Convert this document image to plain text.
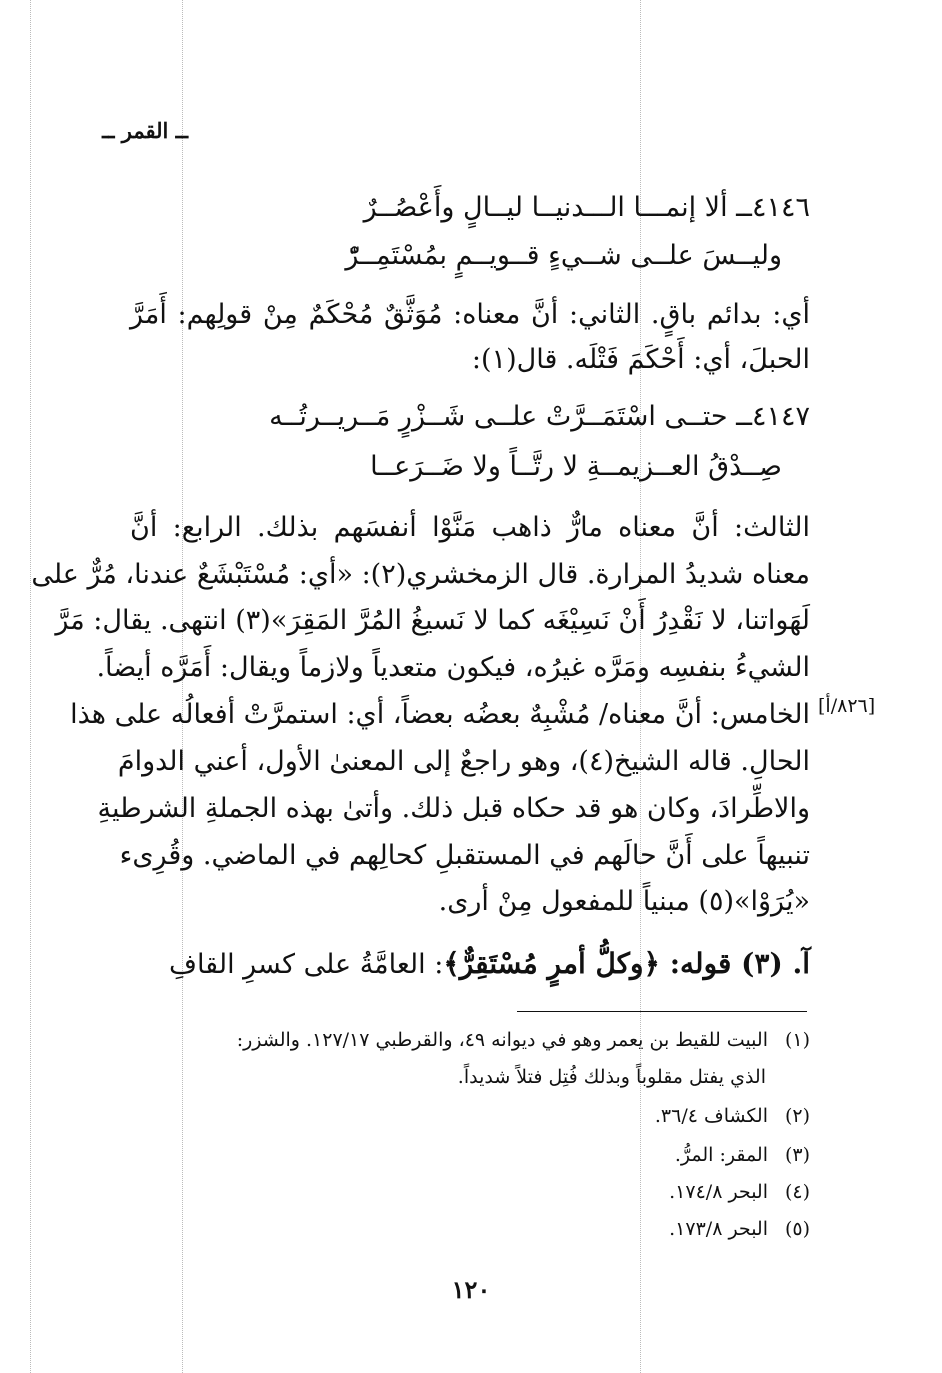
ــ القمر ــ
٤١٤٦ــ ألا إنمـــا الـــدنيــا ليــالٍ وأَعْصُــرٌ
وليــسَ علــى شــيءٍ قــويــمٍ بمُسْتَمِــرّْ
أي: بدائم باقٍ. الثاني: أنَّ معناه: مُوَثَّقٌ مُحْكَمٌ مِنْ قولِهم: أَمَرَّ
الحبلَ، أي: أَحْكَمَ فَتْلَه. قال(١):
٤١٤٧ــ حتــى اسْتَمَــرَّتْ علــى شَــزْرٍ مَــريــرتُــه
صِــدْقُ العــزيمــةِ لا رتَّــاً ولا ضَــرَعــا
الثالث: أنَّ معناه مارٌّ ذاهب مَنَّوْا أنفسَهم بذلك. الرابع: أنَّ
معناه شديدُ المرارة. قال الزمخشري(٢): «أي: مُسْتَبْشَعٌ عندنا، مُرٌّ على
لَهَواتنا، لا نَقْدِرُ أَنْ نَسِيْغَه كما لا نَسيغُ المُرَّ المَقِرَ»(٣) انتهى. يقال: مَرَّ
الشيءُ بنفسِه ومَرَّه غيرُه، فيكون متعدياً ولازماً ويقال: أَمَرَّه أيضاً.
الخامس: أنَّ معناه/ مُشْبِهٌ بعضُه بعضاً، أي: استمرَّتْ أفعالُه على هذا
الحالِ. قاله الشيخ(٤)، وهو راجعٌ إلى المعنىٰ الأول، أعني الدوامَ
والاطِّرادَ، وكان هو قد حكاه قبل ذلك. وأتىٰ بهذه الجملةِ الشرطيةِ
تنبيهاً على أَنَّ حالَهم في المستقبلِ كحالِهم في الماضي. وقُرِىء
«يُرَوْا»(٥) مبنياً للمفعول مِنْ أرى.
[٨٢٦/أ]
آ. (٣) قوله: ﴿وكلُّ أمرٍ مُسْتَقِرٌّ﴾: العامَّةُ على كسرِ القافِ
(١)البيت للقيط بن يعمر وهو في ديوانه ٤٩، والقرطبي ١٢٧/١٧. والشزر:
الذي يفتل مقلوباً وبذلك فُتِل فتلاً شديداً.
(٢)الكشاف ٣٦/٤.
(٣)المقر: المرُّ.
(٤)البحر ١٧٤/٨.
(٥)البحر ١٧٣/٨.
١٢٠
